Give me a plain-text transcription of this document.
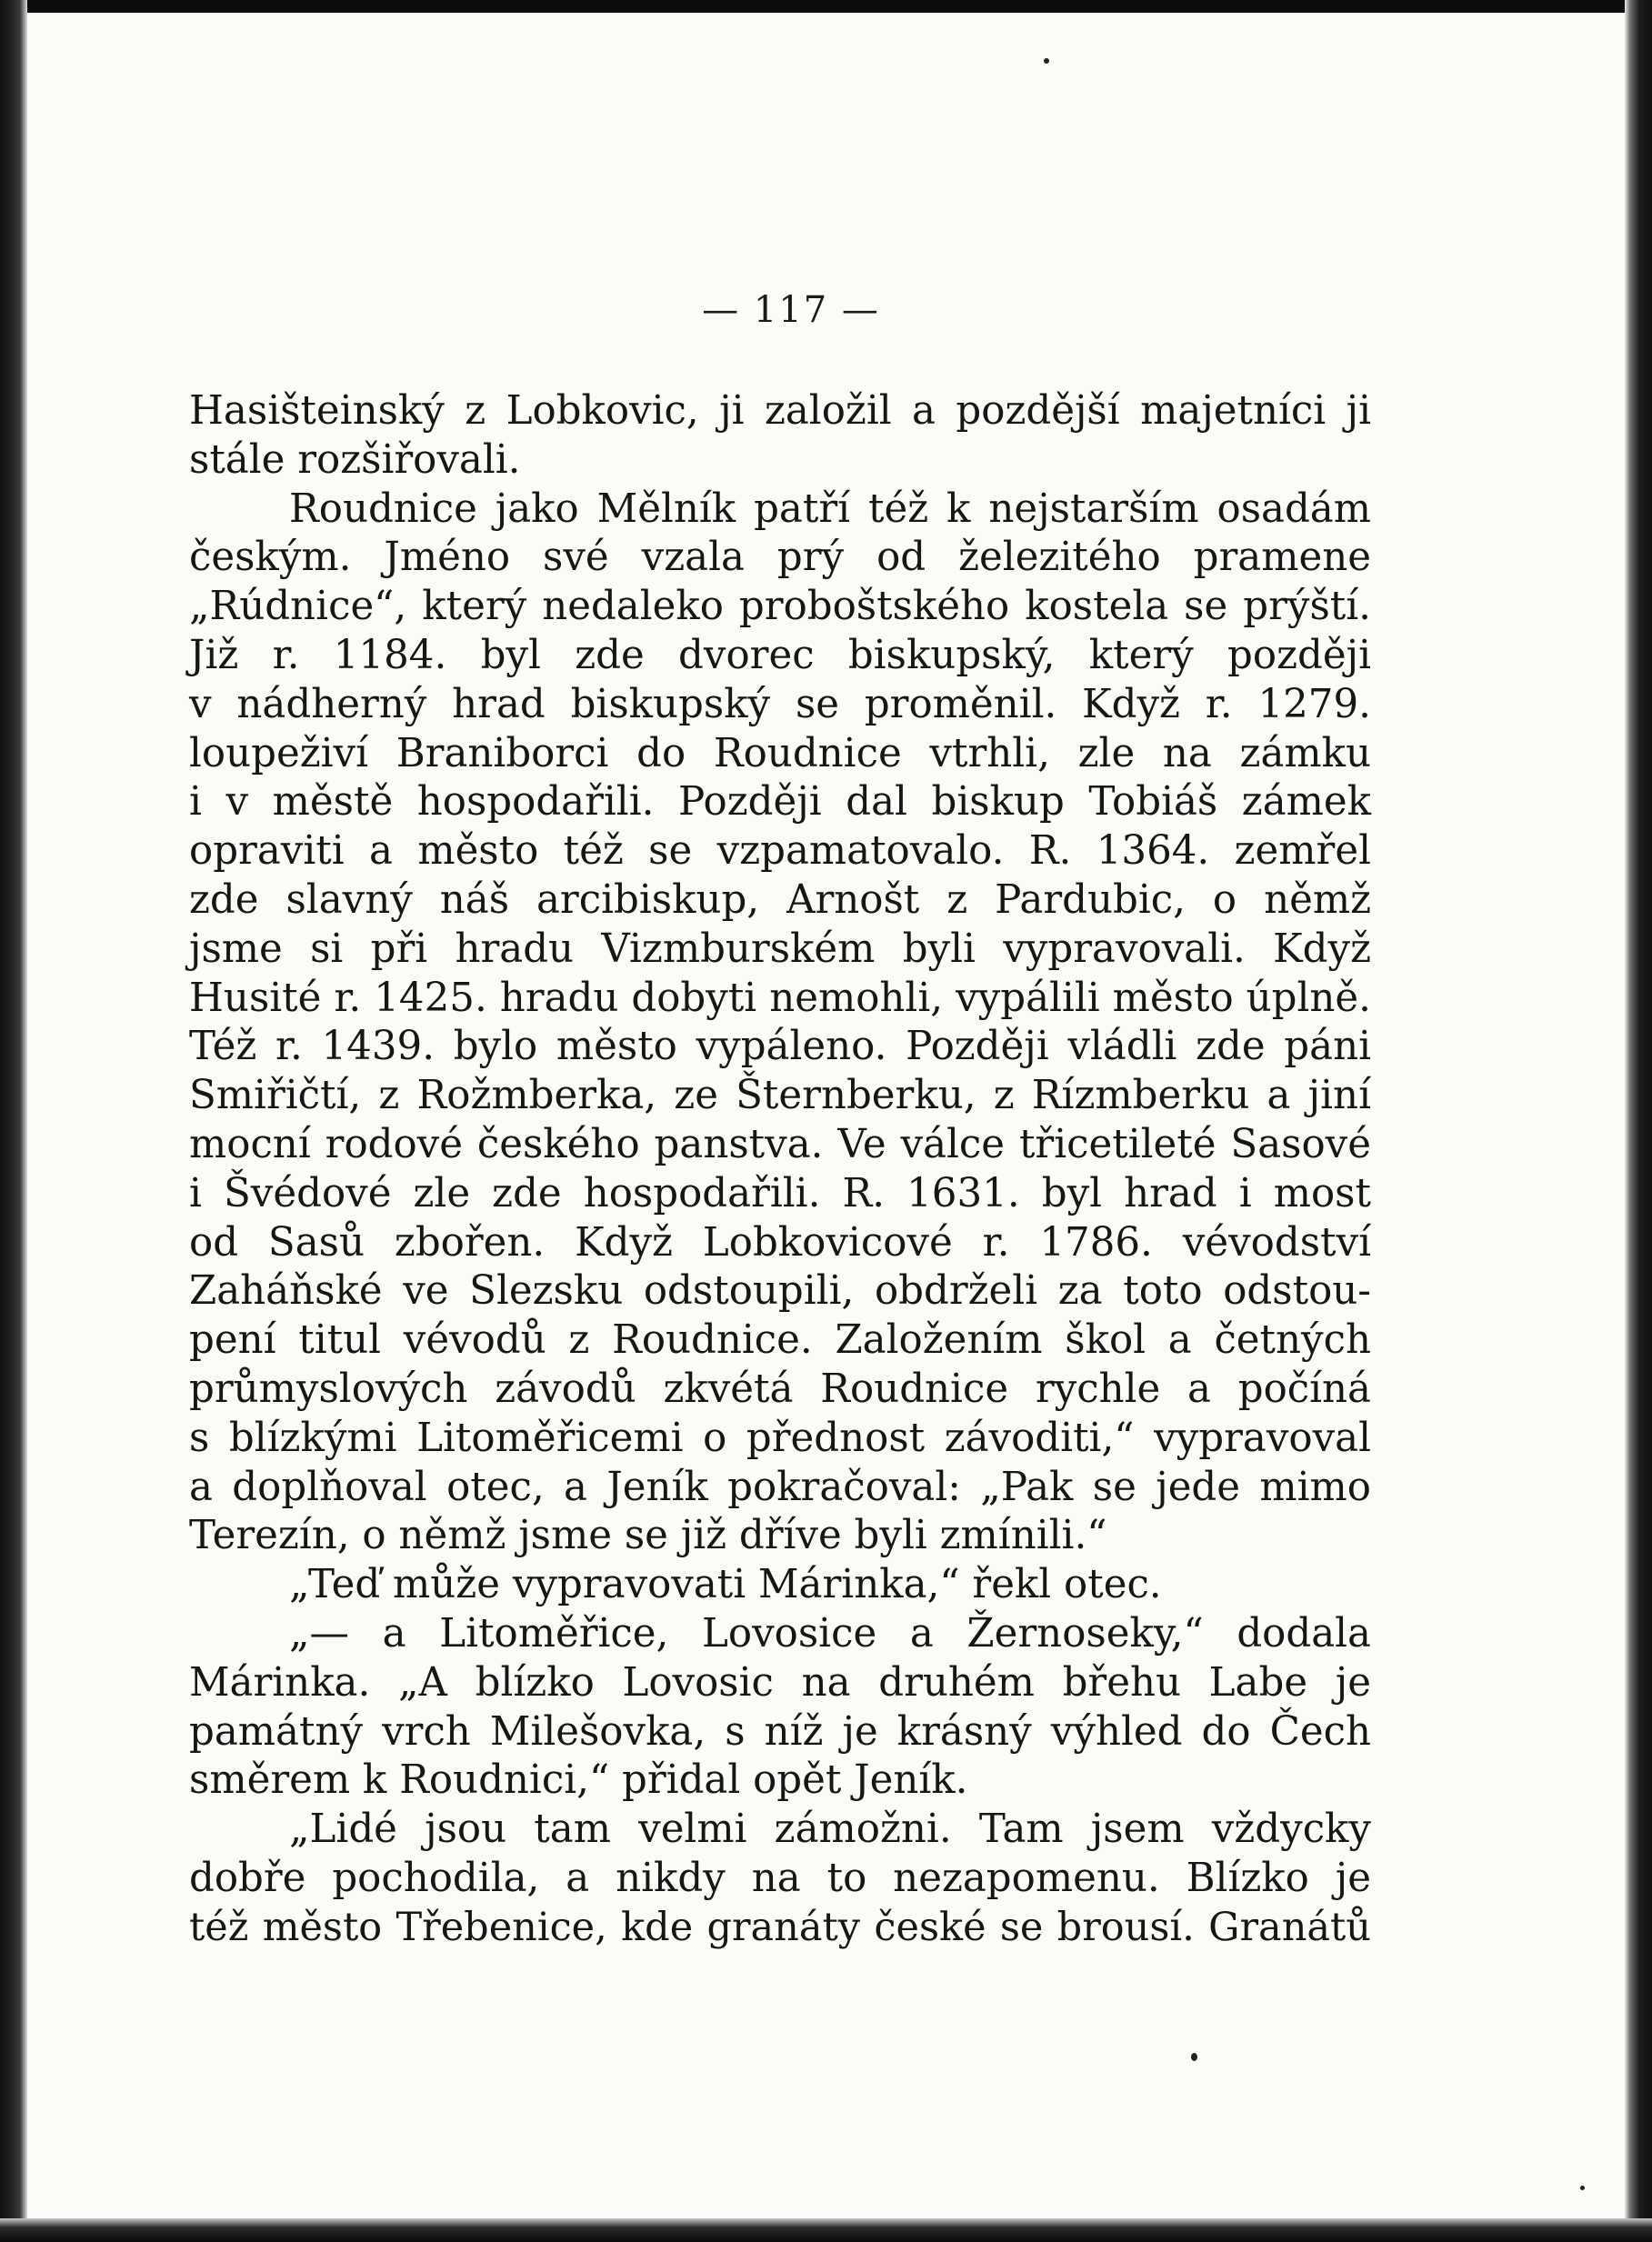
— 117 —

Hasišteinský z Lobkovic, ji založil a pozdější majetníci ji
stále rozšiřovali.
Roudnice jako Mělník patří též k nejstarším osadám
českým. Jméno své vzala prý od železitého pramene
„Rúdnice“, který nedaleko proboštského kostela se prýští.
Již r. 1184. byl zde dvorec biskupský, který později
v nádherný hrad biskupský se proměnil. Když r. 1279.
loupeživí Braniborci do Roudnice vtrhli, zle na zámku
i v městě hospodařili. Později dal biskup Tobiáš zámek
opraviti a město též se vzpamatovalo. R. 1364. zemřel
zde slavný náš arcibiskup, Arnošt z Pardubic, o němž
jsme si při hradu Vizmburském byli vypravovali. Když
Husité r. 1425. hradu dobyti nemohli, vypálili město úplně.
Též r. 1439. bylo město vypáleno. Později vládli zde páni
Smiřičtí, z Rožmberka, ze Šternberku, z Rízmberku a jiní
mocní rodové českého panstva. Ve válce třicetileté Sasové
i Švédové zle zde hospodařili. R. 1631. byl hrad i most
od Sasů zbořen. Když Lobkovicové r. 1786. vévodství
Zaháňské ve Slezsku odstoupili, obdrželi za toto odstou-
pení titul vévodů z Roudnice. Založením škol a četných
průmyslových závodů zkvétá Roudnice rychle a počíná
s blízkými Litoměřicemi o přednost závoditi,“ vypravoval
a doplňoval otec, a Jeník pokračoval: „Pak se jede mimo
Terezín, o němž jsme se již dříve byli zmínili.“
„Teď může vypravovati Márinka,“ řekl otec.
„— a Litoměřice, Lovosice a Žernoseky,“ dodala
Márinka. „A blízko Lovosic na druhém břehu Labe je
památný vrch Milešovka, s níž je krásný výhled do Čech
směrem k Roudnici,“ přidal opět Jeník.
„Lidé jsou tam velmi zámožni. Tam jsem vždycky
dobře pochodila, a nikdy na to nezapomenu. Blízko je
též město Třebenice, kde granáty české se brousí. Granátů
